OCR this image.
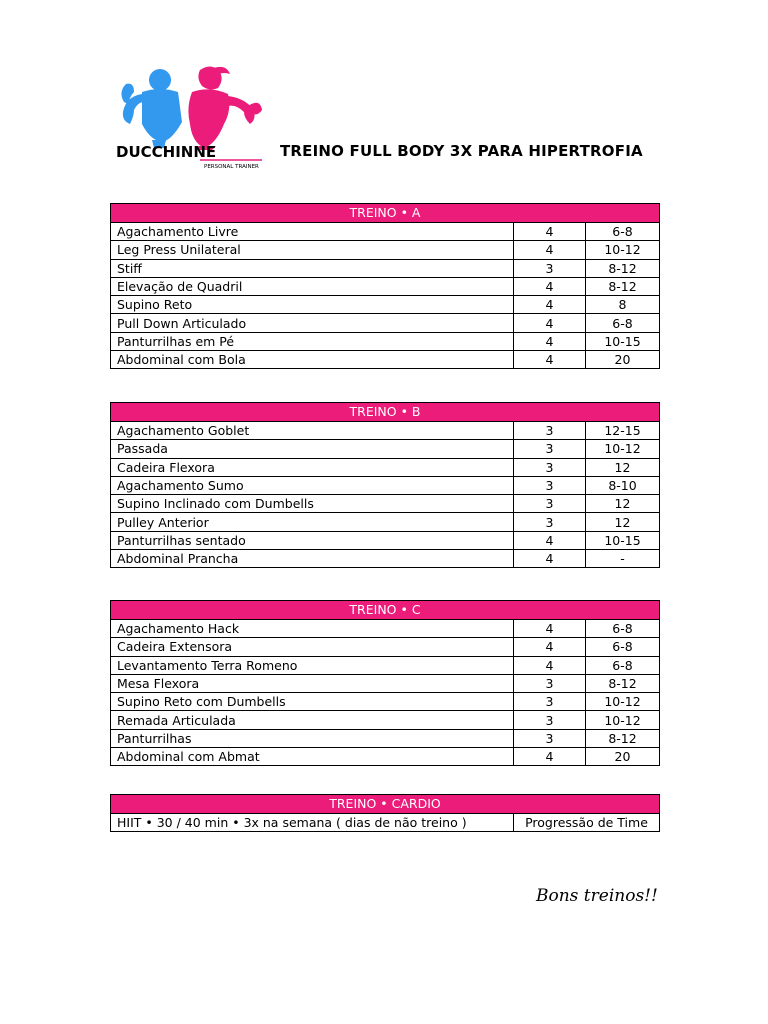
DUCCHINNE
PERSONAL TRAINER
TREINO FULL BODY 3X PARA HIPERTROFIA
TREINO • A		
Agachamento Livre	4	6-8
Leg Press Unilateral	4	10-12
Stiff	3	8-12
Elevação de Quadril	4	8-12
Supino Reto	4	8
Pull Down Articulado	4	6-8
Panturrilhas em Pé	4	10-15
Abdominal com Bola	4	20
TREINO • B		
Agachamento Goblet	3	12-15
Passada	3	10-12
Cadeira Flexora	3	12
Agachamento Sumo	3	8-10
Supino Inclinado com Dumbells	3	12
Pulley Anterior	3	12
Panturrilhas sentado	4	10-15
Abdominal Prancha	4	-
TREINO • C		
Agachamento Hack	4	6-8
Cadeira Extensora	4	6-8
Levantamento Terra Romeno	4	6-8
Mesa Flexora	3	8-12
Supino Reto com Dumbells	3	10-12
Remada Articulada	3	10-12
Panturrilhas	3	8-12
Abdominal com Abmat	4	20
TREINO • CARDIO
HIIT • 30 / 40 min • 3x na semana ( dias de não treino )	Progressão de Time
Bons treinos!!
